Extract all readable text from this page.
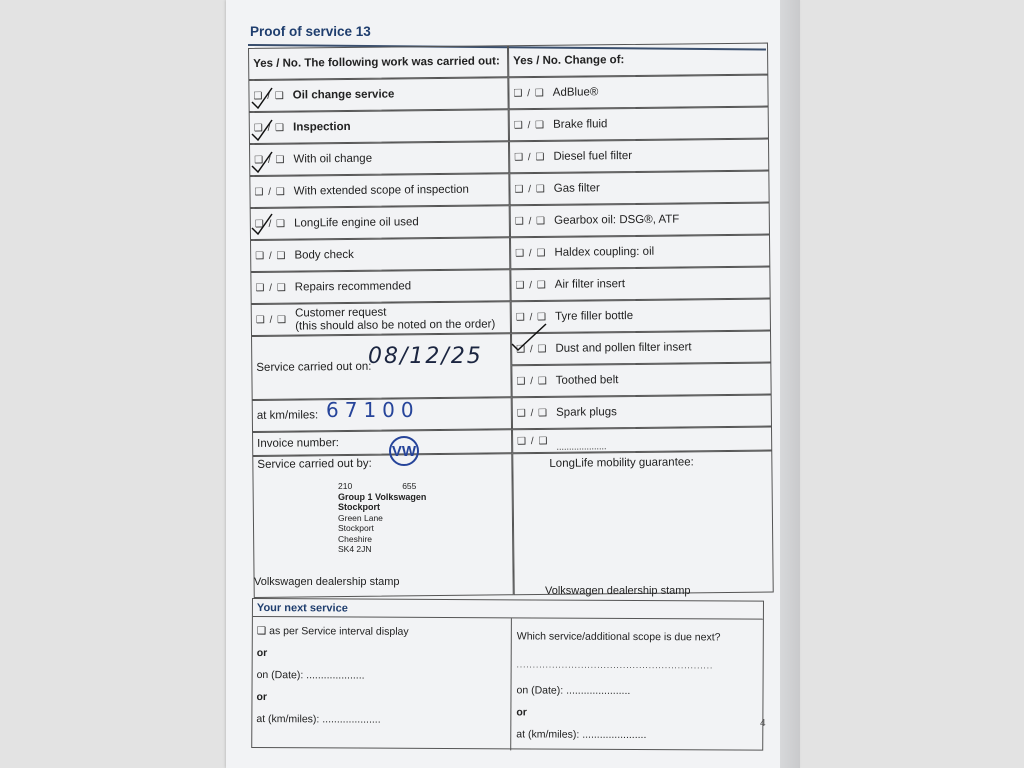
Proof of service 13
Yes / No. The following work was carried out:
❑ / ❑ Oil change service
❑ / ❑ Inspection
❑ / ❑ With oil change
❑ / ❑ With extended scope of inspection
❑ / ❑ LongLife engine oil used
❑ / ❑ Body check
❑ / ❑ Repairs recommended
❑ / ❑
Customer request
(this should also be noted on the order)
Service carried out on:
at km/miles:
Invoice number:
Service carried out by:
Yes / No. Change of:
❑ / ❑ AdBlue®
❑ / ❑ Brake fluid
❑ / ❑ Diesel fuel filter
❑ / ❑ Gas filter
❑ / ❑ Gearbox oil: DSG®, ATF
❑ / ❑ Haldex coupling: oil
❑ / ❑ Air filter insert
❑ / ❑ Tyre filler bottle
❑ / ❑ Dust and pollen filter insert
❑ / ❑ Toothed belt
❑ / ❑ Spark plugs
❑ / ❑ ....................
LongLife mobility guarantee:
08/12/25
67100
VW
210	655
Group 1 Volkswagen
Stockport
Green Lane
Stockport
Cheshire
SK4 2JN
Volkswagen dealership stamp
Volkswagen dealership stamp
Your next service
❑ as per Service interval display
or
on (Date): ....................
or
at (km/miles): ....................
Which service/additional scope is due next?
.............................................................
on (Date): ......................
or
at (km/miles): ......................
4
